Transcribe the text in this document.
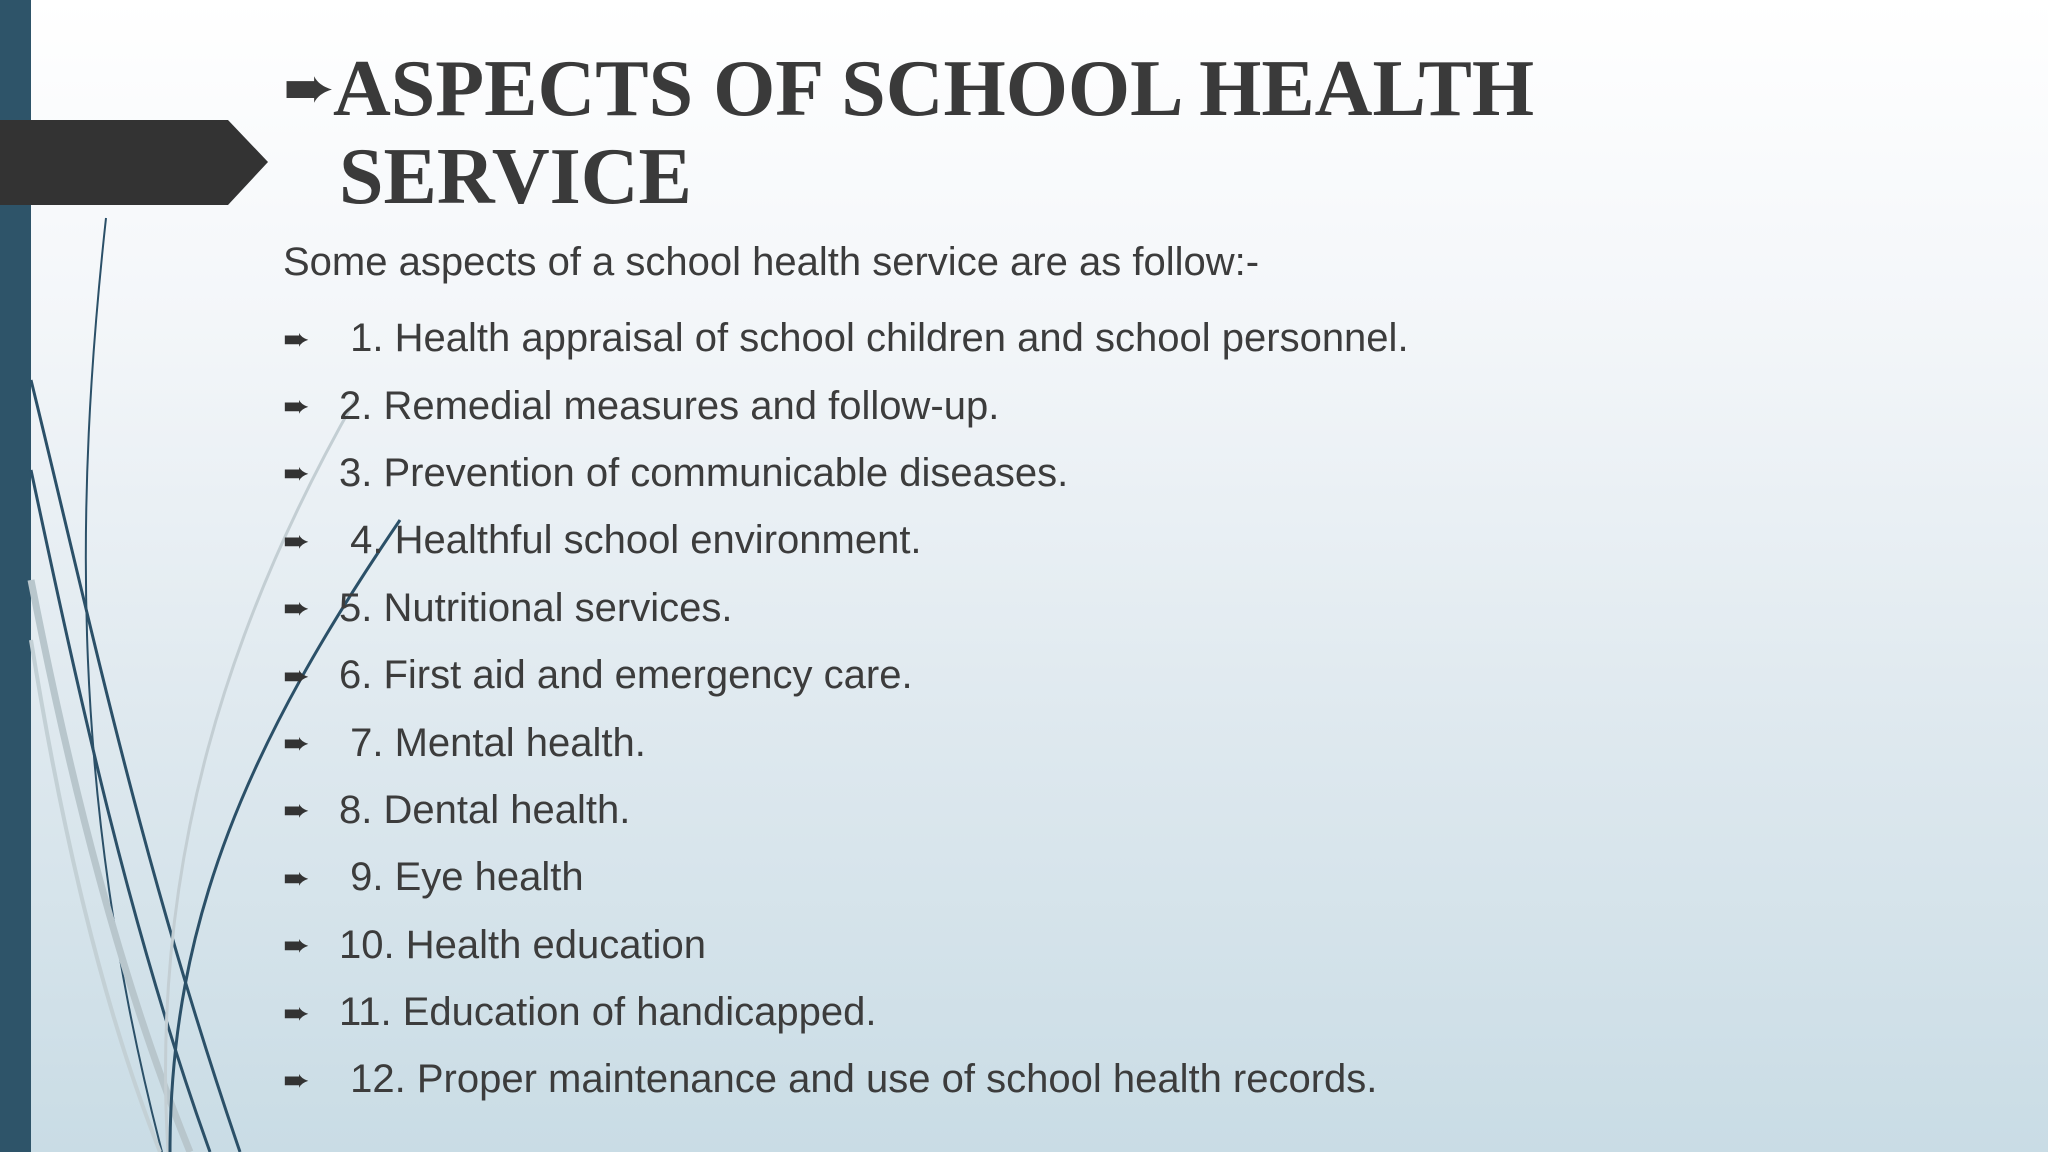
➨ASPECTS OF SCHOOL HEALTH
SERVICE
Some aspects of a school health service are as follow:-
➨ 1. Health appraisal of school children and school personnel.
➨ 2. Remedial measures and follow-up.
➨ 3. Prevention of communicable diseases.
➨ 4. Healthful school environment.
➨ 5. Nutritional services.
➨ 6. First aid and emergency care.
➨ 7. Mental health.
➨ 8. Dental health.
➨ 9. Eye health
➨ 10. Health education
➨ 11. Education of handicapped.
➨ 12. Proper maintenance and use of school health records.
